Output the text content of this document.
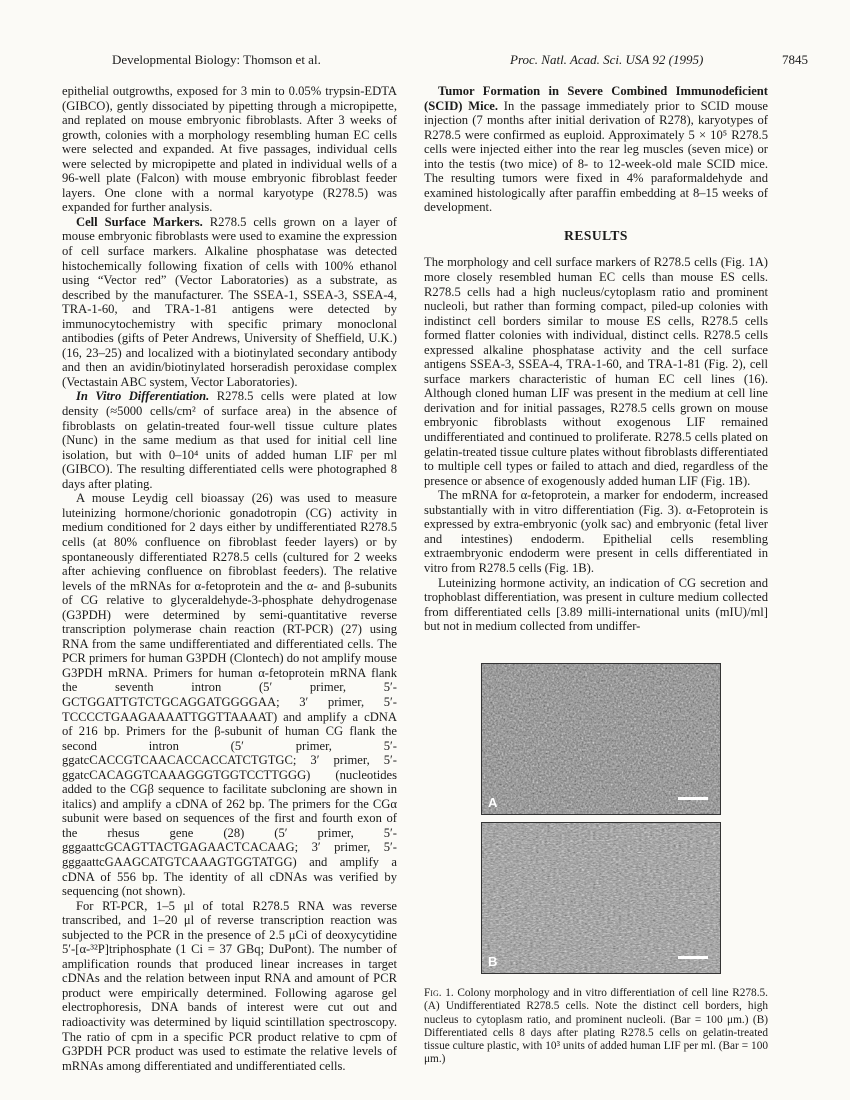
Developmental Biology: Thomson et al.	Proc. Natl. Acad. Sci. USA 92 (1995)	7845

epithelial outgrowths, exposed for 3 min to 0.05% trypsin-EDTA (GIBCO), gently dissociated by pipetting through a micropipette, and replated on mouse embryonic fibroblasts. After 3 weeks of growth, colonies with a morphology resembling human EC cells were selected and expanded. At five passages, individual cells were selected by micropipette and plated in individual wells of a 96-well plate (Falcon) with mouse embryonic fibroblast feeder layers. One clone with a normal karyotype (R278.5) was expanded for further analysis.

Cell Surface Markers. R278.5 cells grown on a layer of mouse embryonic fibroblasts were used to examine the expression of cell surface markers. Alkaline phosphatase was detected histochemically following fixation of cells with 100% ethanol using “Vector red” (Vector Laboratories) as a substrate, as described by the manufacturer. The SSEA-1, SSEA-3, SSEA-4, TRA-1-60, and TRA-1-81 antigens were detected by immunocytochemistry with specific primary monoclonal antibodies (gifts of Peter Andrews, University of Sheffield, U.K.) (16, 23–25) and localized with a biotinylated secondary antibody and then an avidin/biotinylated horseradish peroxidase complex (Vectastain ABC system, Vector Laboratories).

In Vitro Differentiation. R278.5 cells were plated at low density (≈5000 cells/cm² of surface area) in the absence of fibroblasts on gelatin-treated four-well tissue culture plates (Nunc) in the same medium as that used for initial cell line isolation, but with 0–10⁴ units of added human LIF per ml (GIBCO). The resulting differentiated cells were photographed 8 days after plating.

A mouse Leydig cell bioassay (26) was used to measure luteinizing hormone/chorionic gonadotropin (CG) activity in medium conditioned for 2 days either by undifferentiated R278.5 cells (at 80% confluence on fibroblast feeder layers) or by spontaneously differentiated R278.5 cells (cultured for 2 weeks after achieving confluence on fibroblast feeders). The relative levels of the mRNAs for α-fetoprotein and the α- and β-subunits of CG relative to glyceraldehyde-3-phosphate dehydrogenase (G3PDH) were determined by semi-quantitative reverse transcription polymerase chain reaction (RT-PCR) (27) using RNA from the same undifferentiated and differentiated cells. The PCR primers for human G3PDH (Clontech) do not amplify mouse G3PDH mRNA. Primers for human α-fetoprotein mRNA flank the seventh intron (5′ primer, 5′-GCTGGATTGTCTGCAGGATGGGGAA; 3′ primer, 5′-TCCCCTGAAGAAAATTGGTTAAAAT) and amplify a cDNA of 216 bp. Primers for the β-subunit of human CG flank the second intron (5′ primer, 5′-ggatcCACCGTCAACACCACCATCTGTGC; 3′ primer, 5′-ggatcCACAGGTCAAAGGGTGGTCCTTGGG) (nucleotides added to the CGβ sequence to facilitate subcloning are shown in italics) and amplify a cDNA of 262 bp. The primers for the CGα subunit were based on sequences of the first and fourth exon of the rhesus gene (28) (5′ primer, 5′-gggaattcGCAGTTACTGAGAACTCACAAG; 3′ primer, 5′-gggaattcGAAGCATGTCAAAGTGGTATGG) and amplify a cDNA of 556 bp. The identity of all cDNAs was verified by sequencing (not shown).

For RT-PCR, 1–5 μl of total R278.5 RNA was reverse transcribed, and 1–20 μl of reverse transcription reaction was subjected to the PCR in the presence of 2.5 μCi of deoxycytidine 5′-[α-³²P]triphosphate (1 Ci = 37 GBq; DuPont). The number of amplification rounds that produced linear increases in target cDNAs and the relation between input RNA and amount of PCR product were empirically determined. Following agarose gel electrophoresis, DNA bands of interest were cut out and radioactivity was determined by liquid scintillation spectroscopy. The ratio of cpm in a specific PCR product relative to cpm of G3PDH PCR product was used to estimate the relative levels of mRNAs among differentiated and undifferentiated cells.

Tumor Formation in Severe Combined Immunodeficient (SCID) Mice. In the passage immediately prior to SCID mouse injection (7 months after initial derivation of R278), karyotypes of R278.5 were confirmed as euploid. Approximately 5 × 10⁵ R278.5 cells were injected either into the rear leg muscles (seven mice) or into the testis (two mice) of 8- to 12-week-old male SCID mice. The resulting tumors were fixed in 4% paraformaldehyde and examined histologically after paraffin embedding at 8–15 weeks of development.

RESULTS

The morphology and cell surface markers of R278.5 cells (Fig. 1A) more closely resembled human EC cells than mouse ES cells. R278.5 cells had a high nucleus/cytoplasm ratio and prominent nucleoli, but rather than forming compact, piled-up colonies with indistinct cell borders similar to mouse ES cells, R278.5 cells formed flatter colonies with individual, distinct cells. R278.5 cells expressed alkaline phosphatase activity and the cell surface antigens SSEA-3, SSEA-4, TRA-1-60, and TRA-1-81 (Fig. 2), cell surface markers characteristic of human EC cell lines (16). Although cloned human LIF was present in the medium at cell line derivation and for initial passages, R278.5 cells grown on mouse embryonic fibroblasts without exogenous LIF remained undifferentiated and continued to proliferate. R278.5 cells plated on gelatin-treated tissue culture plates without fibroblasts differentiated to multiple cell types or failed to attach and died, regardless of the presence or absence of exogenously added human LIF (Fig. 1B).

The mRNA for α-fetoprotein, a marker for endoderm, increased substantially with in vitro differentiation (Fig. 3). α-Fetoprotein is expressed by extra-embryonic (yolk sac) and embryonic (fetal liver and intestines) endoderm. Epithelial cells resembling extraembryonic endoderm were present in cells differentiated in vitro from R278.5 cells (Fig. 1B).

Luteinizing hormone activity, an indication of CG secretion and trophoblast differentiation, was present in culture medium collected from differentiated cells [3.89 milli-international units (mIU)/ml] but not in medium collected from undiffer-

A
B
Fig. 1. Colony morphology and in vitro differentiation of cell line R278.5. (A) Undifferentiated R278.5 cells. Note the distinct cell borders, high nucleus to cytoplasm ratio, and prominent nucleoli. (Bar = 100 μm.) (B) Differentiated cells 8 days after plating R278.5 cells on gelatin-treated tissue culture plastic, with 10³ units of added human LIF per ml. (Bar = 100 μm.)
